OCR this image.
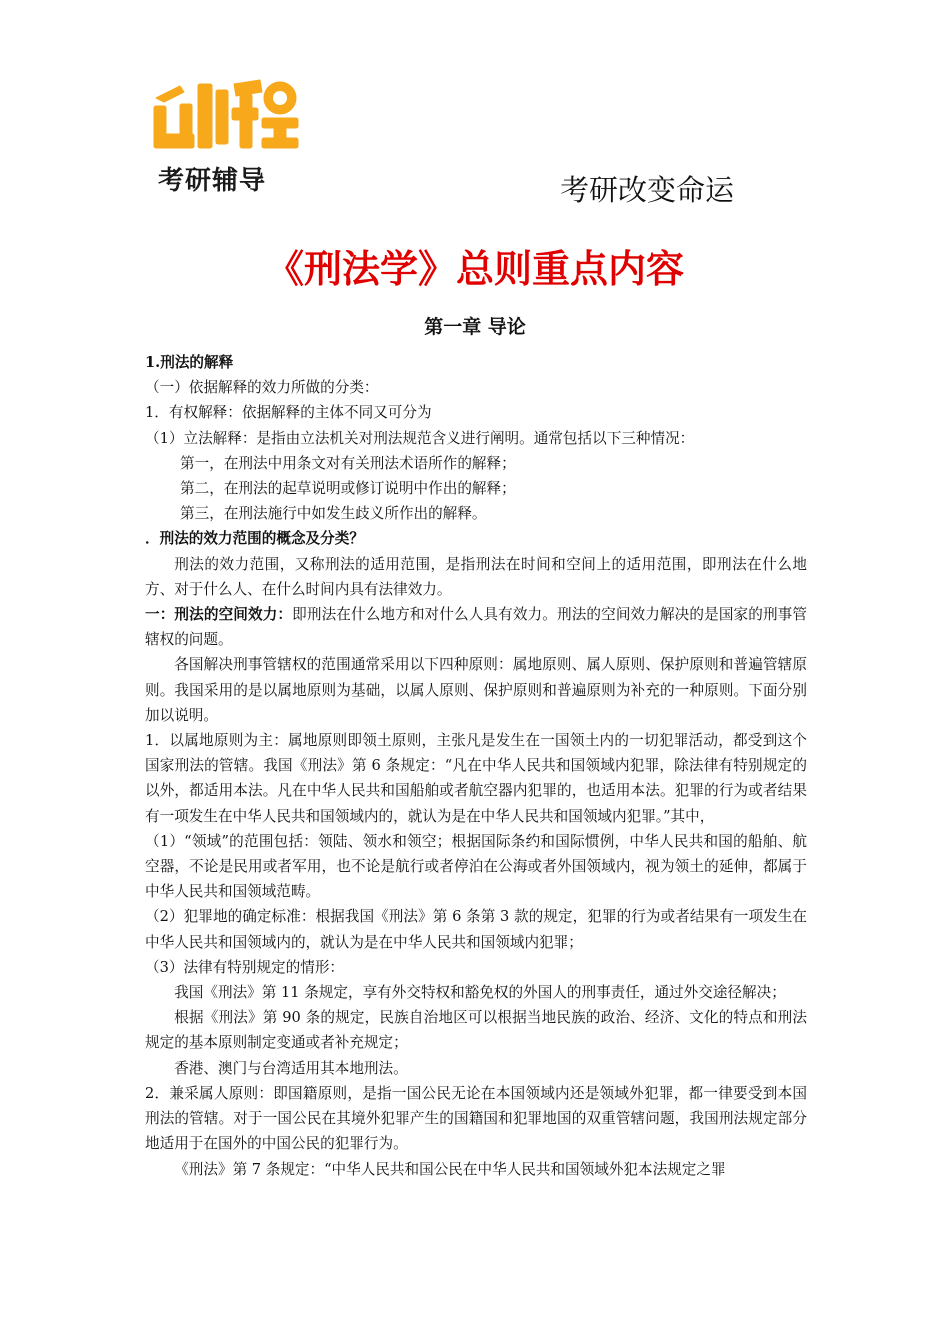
考研辅导	考研改变命运
《刑法学》总则重点内容
第一章 导论

1.刑法的解释

（一）依据解释的效力所做的分类：

1．有权解释：依据解释的主体不同又可分为

（1）立法解释：是指由立法机关对刑法规范含义进行阐明。通常包括以下三种情况：

第一，在刑法中用条文对有关刑法术语所作的解释；

第二，在刑法的起草说明或修订说明中作出的解释；

第三，在刑法施行中如发生歧义所作出的解释。

．刑法的效力范围的概念及分类？

刑法的效力范围，又称刑法的适用范围，是指刑法在时间和空间上的适用范围，即刑法在什么地方、对于什么人、在什么时间内具有法律效力。

一：刑法的空间效力：即刑法在什么地方和对什么人具有效力。刑法的空间效力解决的是国家的刑事管辖权的问题。

各国解决刑事管辖权的范围通常采用以下四种原则：属地原则、属人原则、保护原则和普遍管辖原则。我国采用的是以属地原则为基础，以属人原则、保护原则和普遍原则为补充的一种原则。下面分别加以说明。

1．以属地原则为主：属地原则即领土原则，主张凡是发生在一国领土内的一切犯罪活动，都受到这个国家刑法的管辖。我国《刑法》第 6 条规定：“凡在中华人民共和国领域内犯罪，除法律有特别规定的以外，都适用本法。凡在中华人民共和国船舶或者航空器内犯罪的，也适用本法。犯罪的行为或者结果有一项发生在中华人民共和国领域内的，就认为是在中华人民共和国领域内犯罪。”其中，

（1）“领域”的范围包括：领陆、领水和领空；根据国际条约和国际惯例，中华人民共和国的船舶、航空器，不论是民用或者军用，也不论是航行或者停泊在公海或者外国领域内，视为领土的延伸，都属于中华人民共和国领域范畴。

（2）犯罪地的确定标准：根据我国《刑法》第 6 条第 3 款的规定，犯罪的行为或者结果有一项发生在中华人民共和国领域内的，就认为是在中华人民共和国领域内犯罪；

（3）法律有特别规定的情形：

我国《刑法》第 11 条规定，享有外交特权和豁免权的外国人的刑事责任，通过外交途径解决；

根据《刑法》第 90 条的规定，民族自治地区可以根据当地民族的政治、经济、文化的特点和刑法规定的基本原则制定变通或者补充规定；

香港、澳门与台湾适用其本地刑法。

2．兼采属人原则：即国籍原则，是指一国公民无论在本国领域内还是领域外犯罪，都一律要受到本国刑法的管辖。对于一国公民在其境外犯罪产生的国籍国和犯罪地国的双重管辖问题，我国刑法规定部分地适用于在国外的中国公民的犯罪行为。

《刑法》第 7 条规定：“中华人民共和国公民在中华人民共和国领域外犯本法规定之罪
